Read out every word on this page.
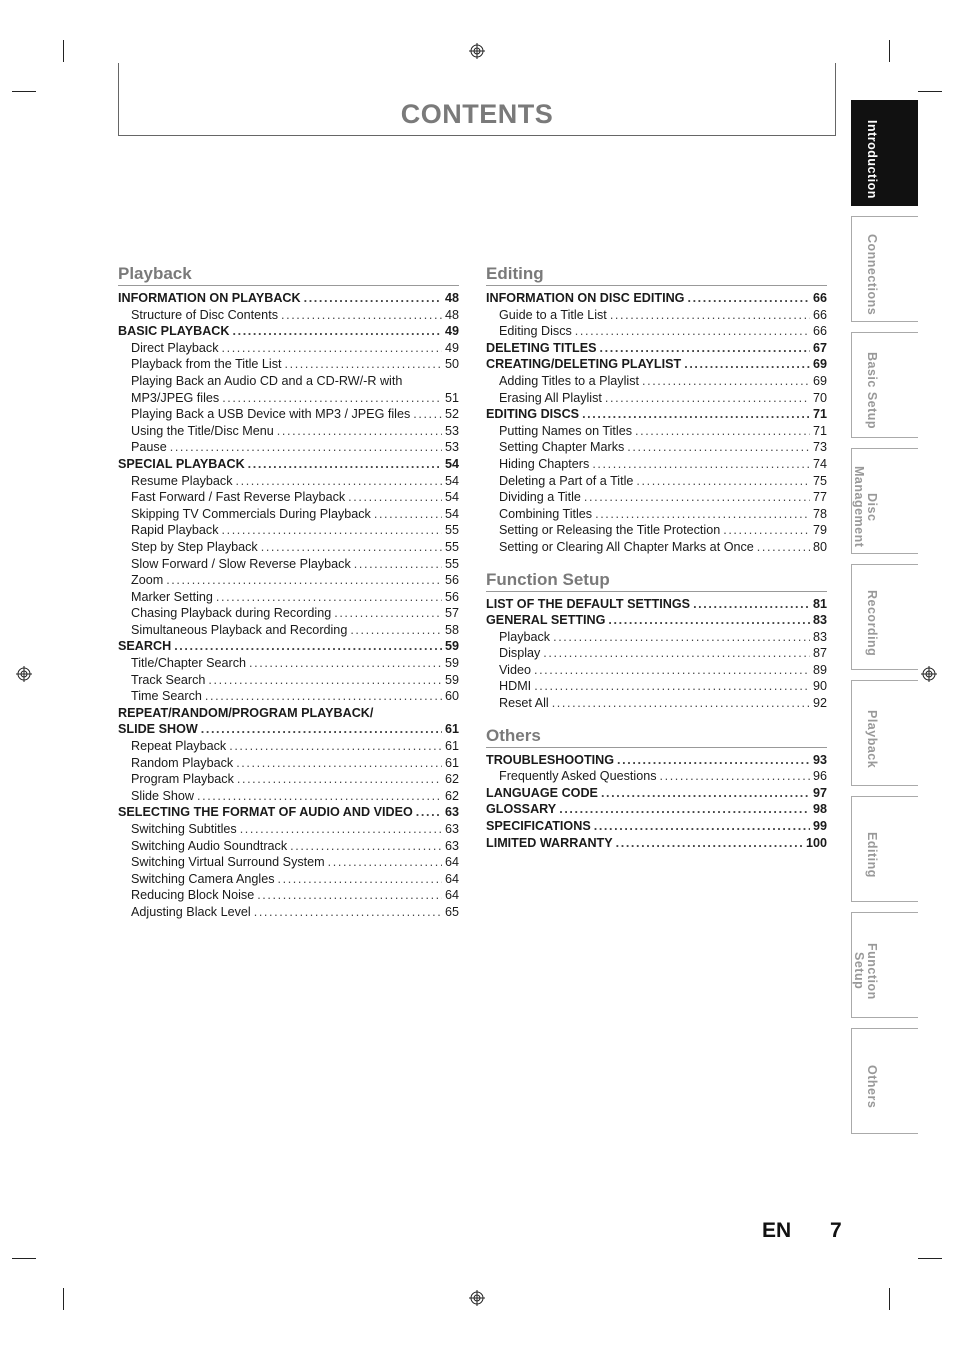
CONTENTS
Playback
INFORMATION ON PLAYBACK .....	48
Structure of Disc Contents .....	48
BASIC PLAYBACK .....	49
Direct Playback .....	49
Playback from the Title List .....	50
Playing Back an Audio CD and a CD-RW/-R with
MP3/JPEG files .....	51
Playing Back a USB Device with MP3 / JPEG files .....	52
Using the Title/Disc Menu .....	53
Pause .....	53
SPECIAL PLAYBACK .....	54
Resume Playback .....	54
Fast Forward / Fast Reverse Playback .....	54
Skipping TV Commercials During Playback .....	54
Rapid Playback .....	55
Step by Step Playback .....	55
Slow Forward / Slow Reverse Playback .....	55
Zoom .....	56
Marker Setting .....	56
Chasing Playback during Recording .....	57
Simultaneous Playback and Recording .....	58
SEARCH .....	59
Title/Chapter Search .....	59
Track Search .....	59
Time Search .....	60
REPEAT/RANDOM/PROGRAM PLAYBACK/
SLIDE SHOW .....	61
Repeat Playback .....	61
Random Playback .....	61
Program Playback .....	62
Slide Show .....	62
SELECTING THE FORMAT OF AUDIO AND VIDEO .....	63
Switching Subtitles .....	63
Switching Audio Soundtrack .....	63
Switching Virtual Surround System .....	64
Switching Camera Angles .....	64
Reducing Block Noise .....	64
Adjusting Black Level .....	65
Editing
INFORMATION ON DISC EDITING .....	66
Guide to a Title List .....	66
Editing Discs .....	66
DELETING TITLES .....	67
CREATING/DELETING PLAYLIST .....	69
Adding Titles to a Playlist .....	69
Erasing All Playlist .....	70
EDITING DISCS .....	71
Putting Names on Titles .....	71
Setting Chapter Marks .....	73
Hiding Chapters .....	74
Deleting a Part of a Title .....	75
Dividing a Title .....	77
Combining Titles .....	78
Setting or Releasing the Title Protection .....	79
Setting or Clearing All Chapter Marks at Once .....	80
Function Setup
LIST OF THE DEFAULT SETTINGS .....	81
GENERAL SETTING .....	83
Playback .....	83
Display .....	87
Video .....	89
HDMI .....	90
Reset All .....	92
Others
TROUBLESHOOTING .....	93
Frequently Asked Questions .....	96
LANGUAGE CODE .....	97
GLOSSARY .....	98
SPECIFICATIONS .....	99
LIMITED WARRANTY .....	100
Introduction
Connections
Basic Setup
Disc
Management
Recording
Playback
Editing
Function Setup
Others
EN 7
